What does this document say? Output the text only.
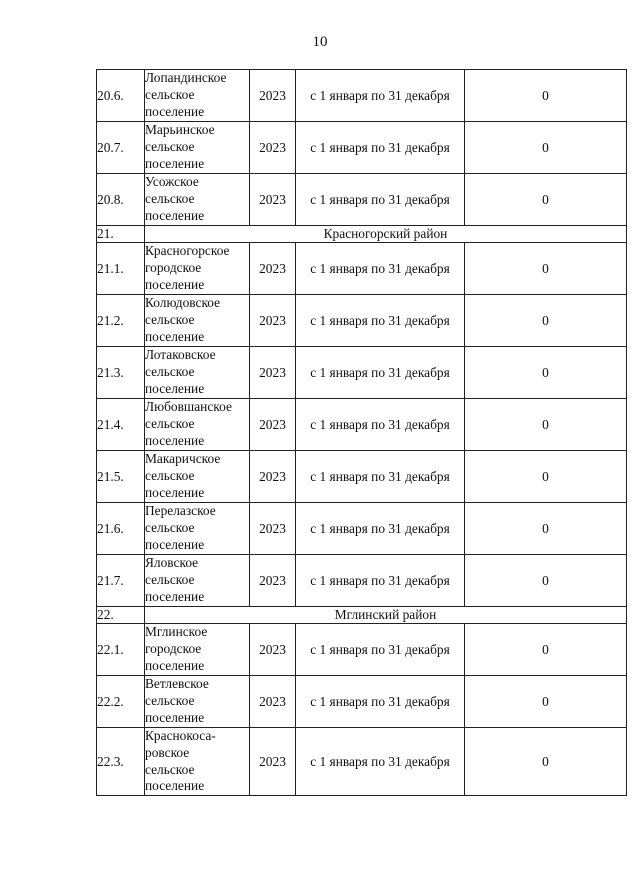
10
20.6.	Лопандинское
сельское
поселение	2023	с 1 января по 31 декабря	0
20.7.	Марьинское
сельское
поселение	2023	с 1 января по 31 декабря	0
20.8.	Усожское
сельское
поселение	2023	с 1 января по 31 декабря	0
21.	Красногорский район			
21.1.	Красногорское
городское
поселение	2023	с 1 января по 31 декабря	0
21.2.	Колюдовское
сельское
поселение	2023	с 1 января по 31 декабря	0
21.3.	Лотаковское
сельское
поселение	2023	с 1 января по 31 декабря	0
21.4.	Любовшанское
сельское
поселение	2023	с 1 января по 31 декабря	0
21.5.	Макаричское
сельское
поселение	2023	с 1 января по 31 декабря	0
21.6.	Перелазское
сельское
поселение	2023	с 1 января по 31 декабря	0
21.7.	Яловское
сельское
поселение	2023	с 1 января по 31 декабря	0
22.	Мглинский район			
22.1.	Мглинское
городское
поселение	2023	с 1 января по 31 декабря	0
22.2.	Ветлевское
сельское
поселение	2023	с 1 января по 31 декабря	0
22.3.	Краснокоса-
ровское
сельское
поселение	2023	с 1 января по 31 декабря	0
